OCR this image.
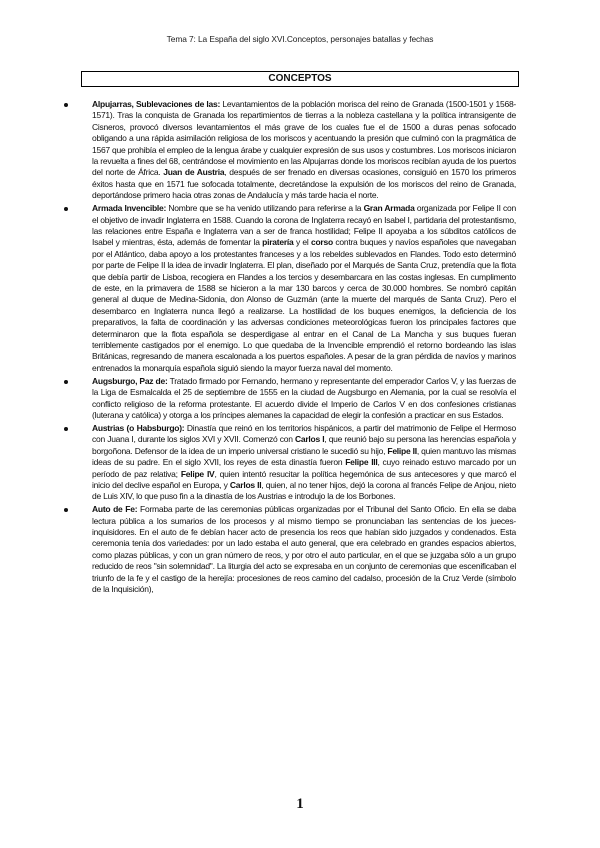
Tema 7: La España del siglo XVI.Conceptos, personajes batallas y fechas
CONCEPTOS

Alpujarras, Sublevaciones de las: Levantamientos de la población morisca del reino de Granada (1500-1501 y 1568-1571). Tras la conquista de Granada los repartimientos de tierras a la nobleza castellana y la política intransigente de Cisneros, provocó diversos levantamientos el más grave de los cuales fue el de 1500 a duras penas sofocado obligando a una rápida asimilación religiosa de los moriscos y acentuando la presión que culminó con la pragmática de 1567 que prohibía el empleo de la lengua árabe y cualquier expresión de sus usos y costumbres. Los moriscos iniciaron la revuelta a fines del 68, centrándose el movimiento en las Alpujarras donde los moriscos recibían ayuda de los puertos del norte de África. Juan de Austria, después de ser frenado en diversas ocasiones, consiguió en 1570 los primeros éxitos hasta que en 1571 fue sofocada totalmente, decretándose la expulsión de los moriscos del reino de Granada, deportándose primero hacia otras zonas de Andalucía y más tarde hacia el norte.

Armada Invencible: Nombre que se ha venido utilizando para referirse a la Gran Armada organizada por Felipe II con el objetivo de invadir Inglaterra en 1588. Cuando la corona de Inglaterra recayó en Isabel I, partidaria del protestantismo, las relaciones entre España e Inglaterra van a ser de franca hostilidad; Felipe II apoyaba a los súbditos católicos de Isabel y mientras, ésta, además de fomentar la piratería y el corso contra buques y navíos españoles que navegaban por el Atlántico, daba apoyo a los protestantes franceses y a los rebeldes sublevados en Flandes. Todo esto determinó por parte de Felipe II la idea de invadir Inglaterra. El plan, diseñado por el Marqués de Santa Cruz, pretendía que la flota que debía partir de Lisboa, recogiera en Flandes a los tercios y desembarcara en las costas inglesas. En cumplimento de este, en la primavera de 1588 se hicieron a la mar 130 barcos y cerca de 30.000 hombres. Se nombró capitán general al duque de Medina-Sidonia, don Alonso de Guzmán (ante la muerte del marqués de Santa Cruz). Pero el desembarco en Inglaterra nunca llegó a realizarse. La hostilidad de los buques enemigos, la deficiencia de los preparativos, la falta de coordinación y las adversas condiciones meteorológicas fueron los principales factores que determinaron que la flota española se desperdigase al entrar en el Canal de La Mancha y sus buques fueran terriblemente castigados por el enemigo. Lo que quedaba de la Invencible emprendió el retorno bordeando las islas Británicas, regresando de manera escalonada a los puertos españoles. A pesar de la gran pérdida de navíos y marinos entrenados la monarquía española siguió siendo la mayor fuerza naval del momento.

Augsburgo, Paz de: Tratado firmado por Fernando, hermano y representante del emperador Carlos V, y las fuerzas de la Liga de Esmalcalda el 25 de septiembre de 1555 en la ciudad de Augsburgo en Alemania, por la cual se resolvía el conflicto religioso de la reforma protestante. El acuerdo divide el Imperio de Carlos V en dos confesiones cristianas (luterana y católica) y otorga a los príncipes alemanes la capacidad de elegir la confesión a practicar en sus Estados.

Austrias (o Habsburgo): Dinastía que reinó en los territorios hispánicos, a partir del matrimonio de Felipe el Hermoso con Juana I, durante los siglos XVI y XVII. Comenzó con Carlos I, que reunió bajo su persona las herencias española y borgoñona. Defensor de la idea de un imperio universal cristiano le sucedió su hijo, Felipe II, quien mantuvo las mismas ideas de su padre. En el siglo XVII, los reyes de esta dinastía fueron Felipe III, cuyo reinado estuvo marcado por un período de paz relativa; Felipe IV, quien intentó resucitar la política hegemónica de sus antecesores y que marcó el inicio del declive español en Europa, y Carlos II, quien, al no tener hijos, dejó la corona al francés Felipe de Anjou, nieto de Luis XIV, lo que puso fin a la dinastía de los Austrias e introdujo la de los Borbones.

Auto de Fe: Formaba parte de las ceremonias públicas organizadas por el Tribunal del Santo Oficio. En ella se daba lectura pública a los sumarios de los procesos y al mismo tiempo se pronunciaban las sentencias de los jueces-inquisidores. En el auto de fe debían hacer acto de presencia los reos que habían sido juzgados y condenados. Esta ceremonia tenía dos variedades: por un lado estaba el auto general, que era celebrado en grandes espacios abiertos, como plazas públicas, y con un gran número de reos, y por otro el auto particular, en el que se juzgaba sólo a un grupo reducido de reos "sin solemnidad". La liturgia del acto se expresaba en un conjunto de ceremonias que escenificaban el triunfo de la fe y el castigo de la herejía: procesiones de reos camino del cadalso, procesión de la Cruz Verde (símbolo de la Inquisición),

1
